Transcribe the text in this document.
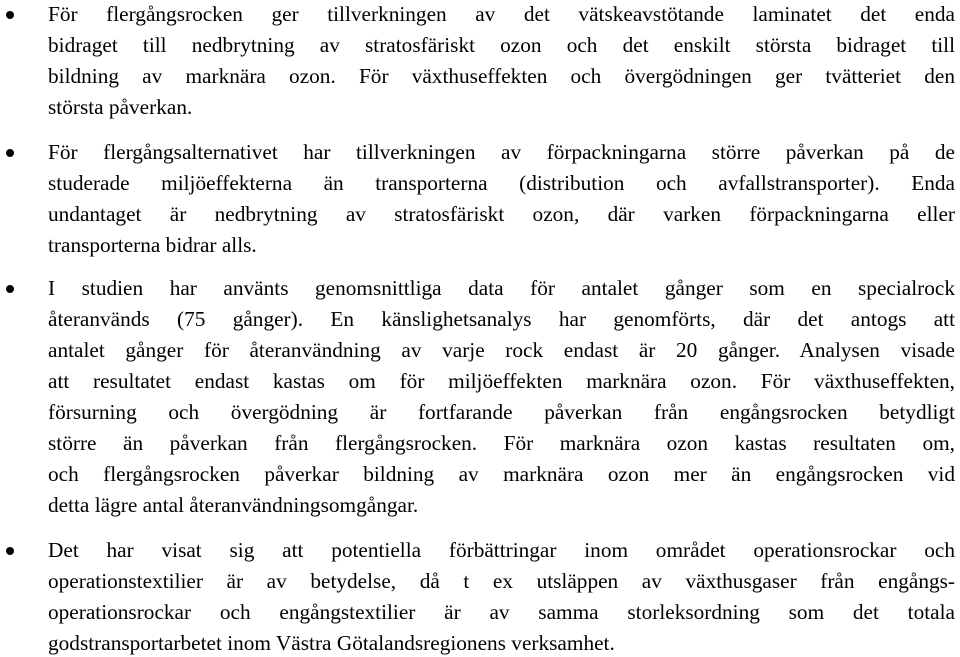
För flergångsrocken ger tillverkningen av det vätskeavstötande laminatet det enda
bidraget till nedbrytning av stratosfäriskt ozon och det enskilt största bidraget till
bildning av marknära ozon. För växthuseffekten och övergödningen ger tvätteriet den
största påverkan.
För flergångsalternativet har tillverkningen av förpackningarna större påverkan på de
studerade miljöeffekterna än transporterna (distribution och avfallstransporter). Enda
undantaget är nedbrytning av stratosfäriskt ozon, där varken förpackningarna eller
transporterna bidrar alls.
I studien har använts genomsnittliga data för antalet gånger som en specialrock
återanvänds (75 gånger). En känslighetsanalys har genomförts, där det antogs att
antalet gånger för återanvändning av varje rock endast är 20 gånger. Analysen visade
att resultatet endast kastas om för miljöeffekten marknära ozon. För växthuseffekten,
försurning och övergödning är fortfarande påverkan från engångsrocken betydligt
större än påverkan från flergångsrocken. För marknära ozon kastas resultaten om,
och flergångsrocken påverkar bildning av marknära ozon mer än engångsrocken vid
detta lägre antal återanvändningsomgångar.
Det har visat sig att potentiella förbättringar inom området operationsrockar och
operationstextilier är av betydelse, då t ex utsläppen av växthusgaser från engångs-
operationsrockar och engångstextilier är av samma storleksordning som det totala
godstransportarbetet inom Västra Götalandsregionens verksamhet.
